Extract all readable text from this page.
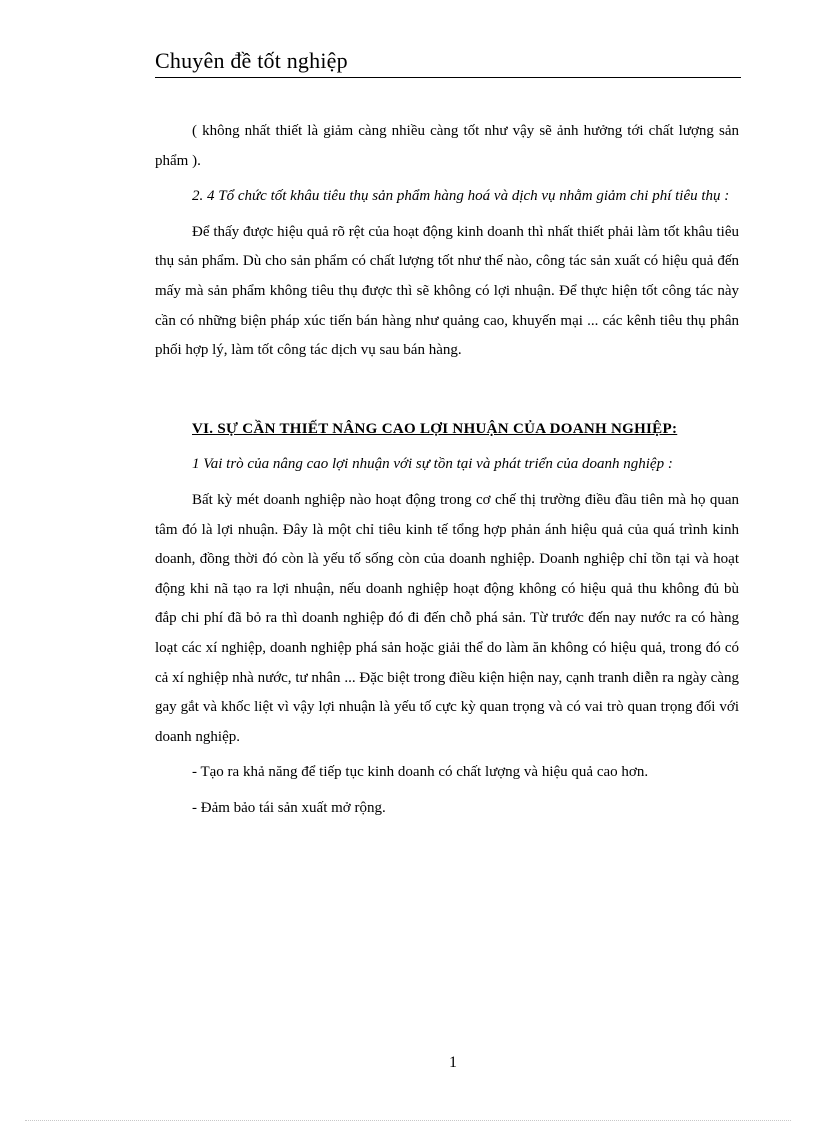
Chuyên đề tốt nghiệp

( không nhất thiết là giảm càng nhiều càng tốt như vậy sẽ ảnh hưởng tới chất lượng sản phẩm ).

2. 4 Tổ chức tốt khâu tiêu thụ sản phẩm hàng hoá và dịch vụ nhằm giảm chi phí tiêu thụ :

Để thấy được hiệu quả rõ rệt của hoạt động kinh doanh thì nhất thiết phải làm tốt khâu tiêu thụ sản phẩm. Dù cho sản phẩm có chất lượng tốt như thế nào, công tác sản xuất có hiệu quả đến mấy mà sản phẩm không tiêu thụ được thì sẽ không có lợi nhuận. Để thực hiện tốt công tác này cần có những biện pháp xúc tiến bán hàng như quảng cao, khuyến mại ... các kênh tiêu thụ phân phối hợp lý, làm tốt công tác dịch vụ sau bán hàng.

VI. SỰ CẦN THIẾT NÂNG CAO LỢI NHUẬN CỦA DOANH NGHIỆP:

1 Vai trò của nâng cao lợi nhuận với sự tồn tại và phát triển của doanh nghiệp :

Bất kỳ mét doanh nghiệp nào hoạt động trong cơ chế thị trường điều đầu tiên mà họ quan tâm đó là lợi nhuận. Đây là một chỉ tiêu kinh tế tổng hợp phản ánh hiệu quả của quá trình kinh doanh, đồng thời đó còn là yếu tố sống còn của doanh nghiệp. Doanh nghiệp chỉ tồn tại và hoạt động khi nã tạo ra lợi nhuận, nếu doanh nghiệp hoạt động không có hiệu quả thu không đủ bù đắp chi phí đã bỏ ra thì doanh nghiệp đó đi đến chỗ phá sản. Từ trước đến nay nước ra có hàng loạt các xí nghiệp, doanh nghiệp phá sản hoặc giải thể do làm ăn không có hiệu quả, trong đó có cả xí nghiệp nhà nước, tư nhân ... Đặc biệt trong điều kiện hiện nay, cạnh tranh diễn ra ngày càng gay gắt và khốc liệt vì vậy lợi nhuận là yếu tố cực kỳ quan trọng và có vai trò quan trọng đối với doanh nghiệp.

- Tạo ra khả năng để tiếp tục kinh doanh có chất lượng và hiệu quả cao hơn.

- Đảm bảo tái sản xuất mở rộng.

1
